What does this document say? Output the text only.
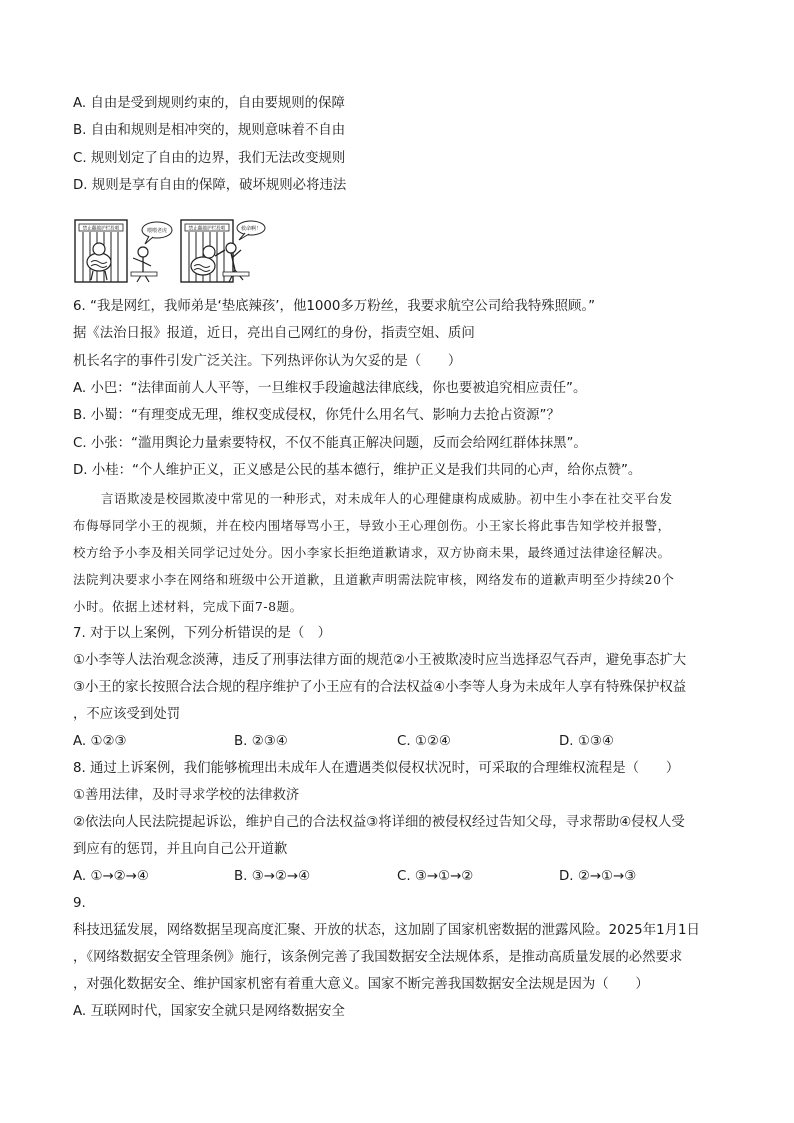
A. 自由是受到规则约束的，自由要规则的保障
B. 自由和规则是相冲突的，规则意味着不自由
C. 规则划定了自由的边界，我们无法改变规则
D. 规则是享有自由的保障，破坏规则必将违法
禁止翻越护栏投喂	喂喂老虎	禁止翻越护栏投喂	救命啊！
6. “我是网红，我师弟是‘垫底辣孩’，他1000多万粉丝，我要求航空公司给我特殊照顾。”
据《法治日报》报道，近日，亮出自己网红的身份，指责空姐、质问
机长名字的事件引发广泛关注。下列热评你认为欠妥的是（　　）
A. 小巴：“法律面前人人平等，一旦维权手段逾越法律底线，你也要被追究相应责任”。
B. 小蜀：“有理变成无理，维权变成侵权，你凭什么用名气、影响力去抢占资源”？
C. 小张：“滥用舆论力量索要特权，不仅不能真正解决问题，反而会给网红群体抹黑”。
D. 小桂：“个人维护正义，正义感是公民的基本德行，维护正义是我们共同的心声，给你点赞”。
言语欺凌是校园欺凌中常见的一种形式，对未成年人的心理健康构成威胁。初中生小李在社交平台发
布侮辱同学小王的视频，并在校内围堵辱骂小王，导致小王心理创伤。小王家长将此事告知学校并报警，
校方给予小李及相关同学记过处分。因小李家长拒绝道歉请求，双方协商未果，最终通过法律途径解决。
法院判决要求小李在网络和班级中公开道歉，且道歉声明需法院审核，网络发布的道歉声明至少持续20个
小时。依据上述材料，完成下面7-8题。
7. 对于以上案例，下列分析错误的是（　）
①小李等人法治观念淡薄，违反了刑事法律方面的规范②小王被欺凌时应当选择忍气吞声，避免事态扩大
③小王的家长按照合法合规的程序维护了小王应有的合法权益④小李等人身为未成年人享有特殊保护权益
，不应该受到处罚
A. ①②③	B. ②③④	C. ①②④	D. ①③④
8. 通过上诉案例，我们能够梳理出未成年人在遭遇类似侵权状况时，可采取的合理维权流程是（　　）
①善用法律，及时寻求学校的法律救济
②依法向人民法院提起诉讼，维护自己的合法权益③将详细的被侵权经过告知父母，寻求帮助④侵权人受
到应有的惩罚，并且向自己公开道歉
A. ①→②→④	B. ③→②→④	C. ③→①→②	D. ②→①→③
9.
科技迅猛发展，网络数据呈现高度汇聚、开放的状态，这加剧了国家机密数据的泄露风险。2025年1月1日
，《网络数据安全管理条例》施行，该条例完善了我国数据安全法规体系，是推动高质量发展的必然要求
，对强化数据安全、维护国家机密有着重大意义。国家不断完善我国数据安全法规是因为（　　）
A. 互联网时代，国家安全就只是网络数据安全
